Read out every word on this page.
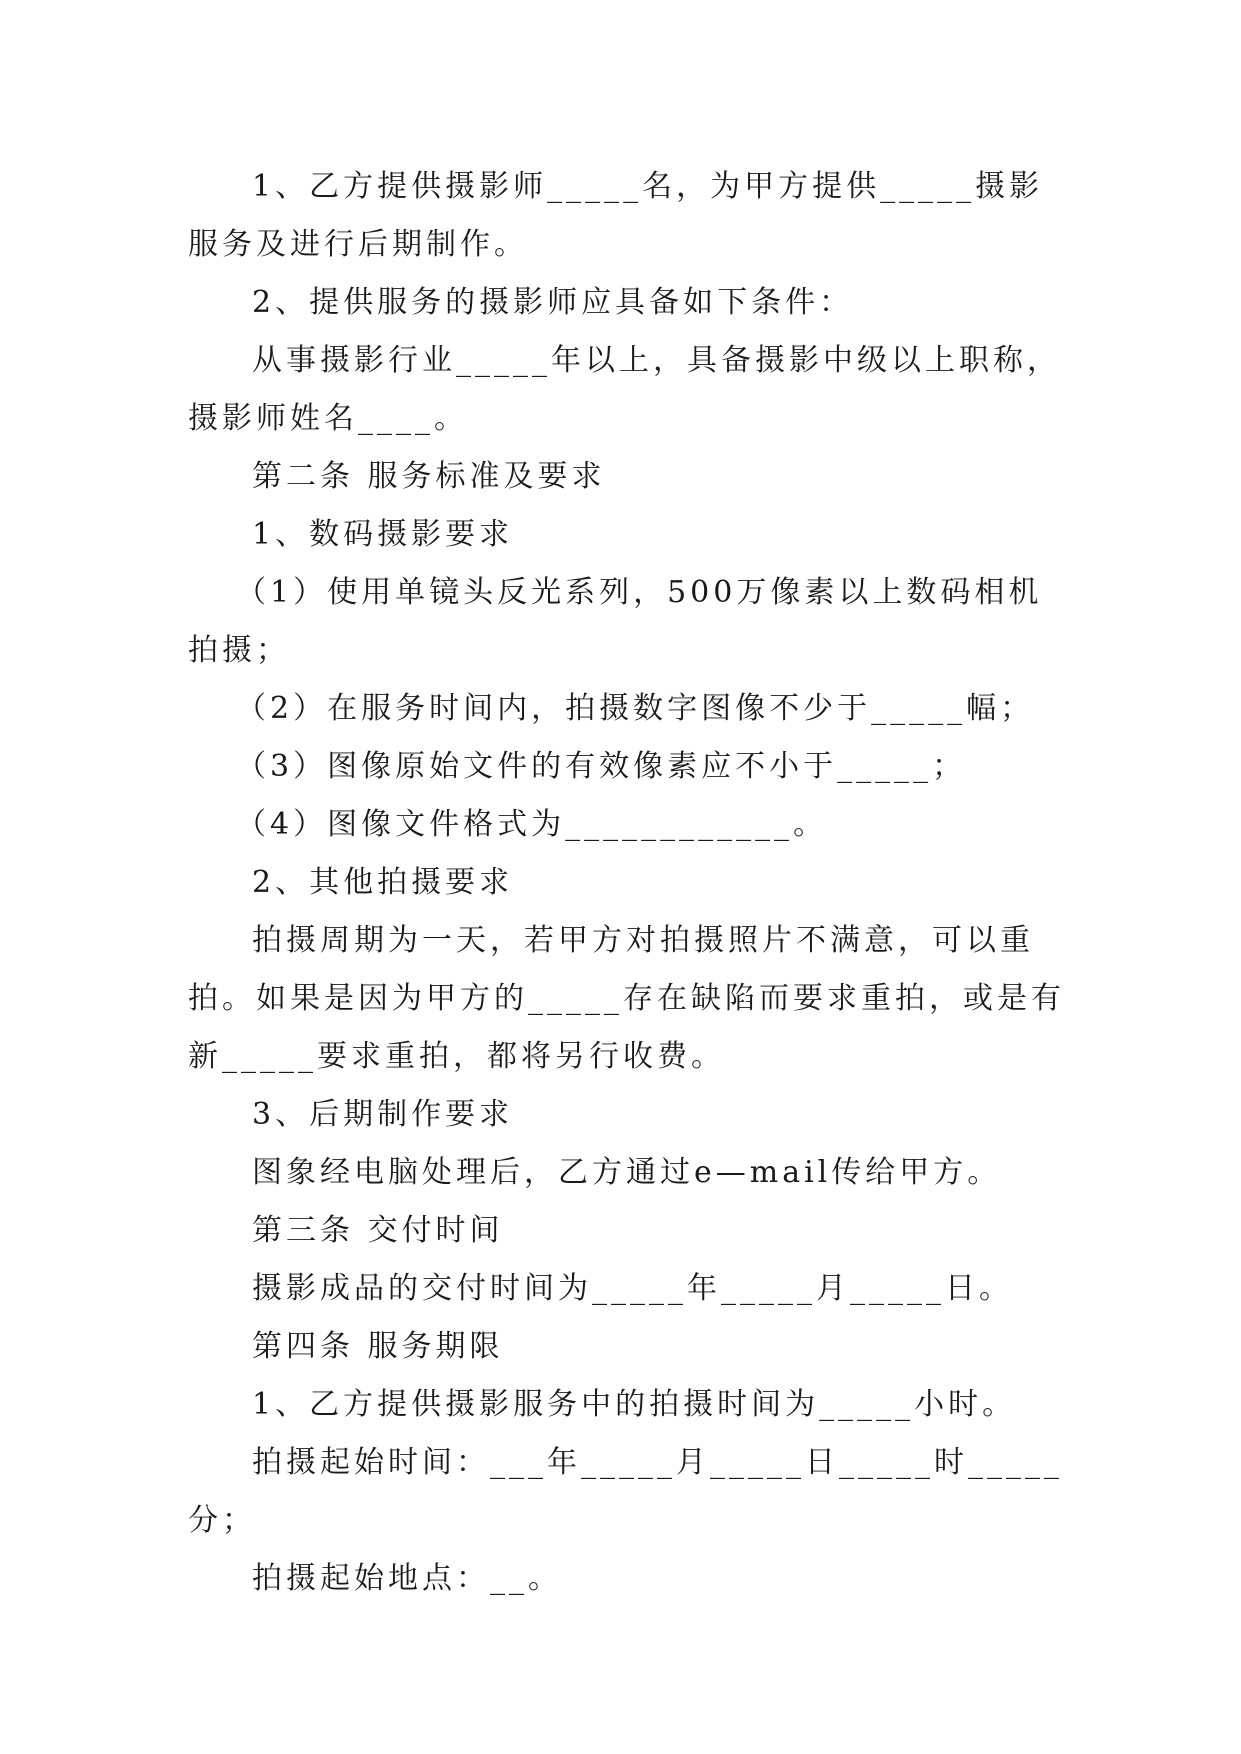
1、乙方提供摄影师_____名，为甲方提供_____摄影服务及进行后期制作。

2、提供服务的摄影师应具备如下条件：

从事摄影行业_____年以上，具备摄影中级以上职称，摄影师姓名____。

第二条 服务标准及要求

1、数码摄影要求

（1）使用单镜头反光系列，500万像素以上数码相机拍摄；

（2）在服务时间内，拍摄数字图像不少于_____幅；

（3）图像原始文件的有效像素应不小于_____；

（4）图像文件格式为____________。

2、其他拍摄要求

拍摄周期为一天，若甲方对拍摄照片不满意，可以重拍。如果是因为甲方的_____存在缺陷而要求重拍，或是有新_____要求重拍，都将另行收费。

3、后期制作要求

图象经电脑处理后，乙方通过e—mail传给甲方。

第三条 交付时间

摄影成品的交付时间为_____年_____月_____日。

第四条 服务期限

1、乙方提供摄影服务中的拍摄时间为_____小时。

拍摄起始时间：___年_____月_____日_____时_____分；

拍摄起始地点：__。
